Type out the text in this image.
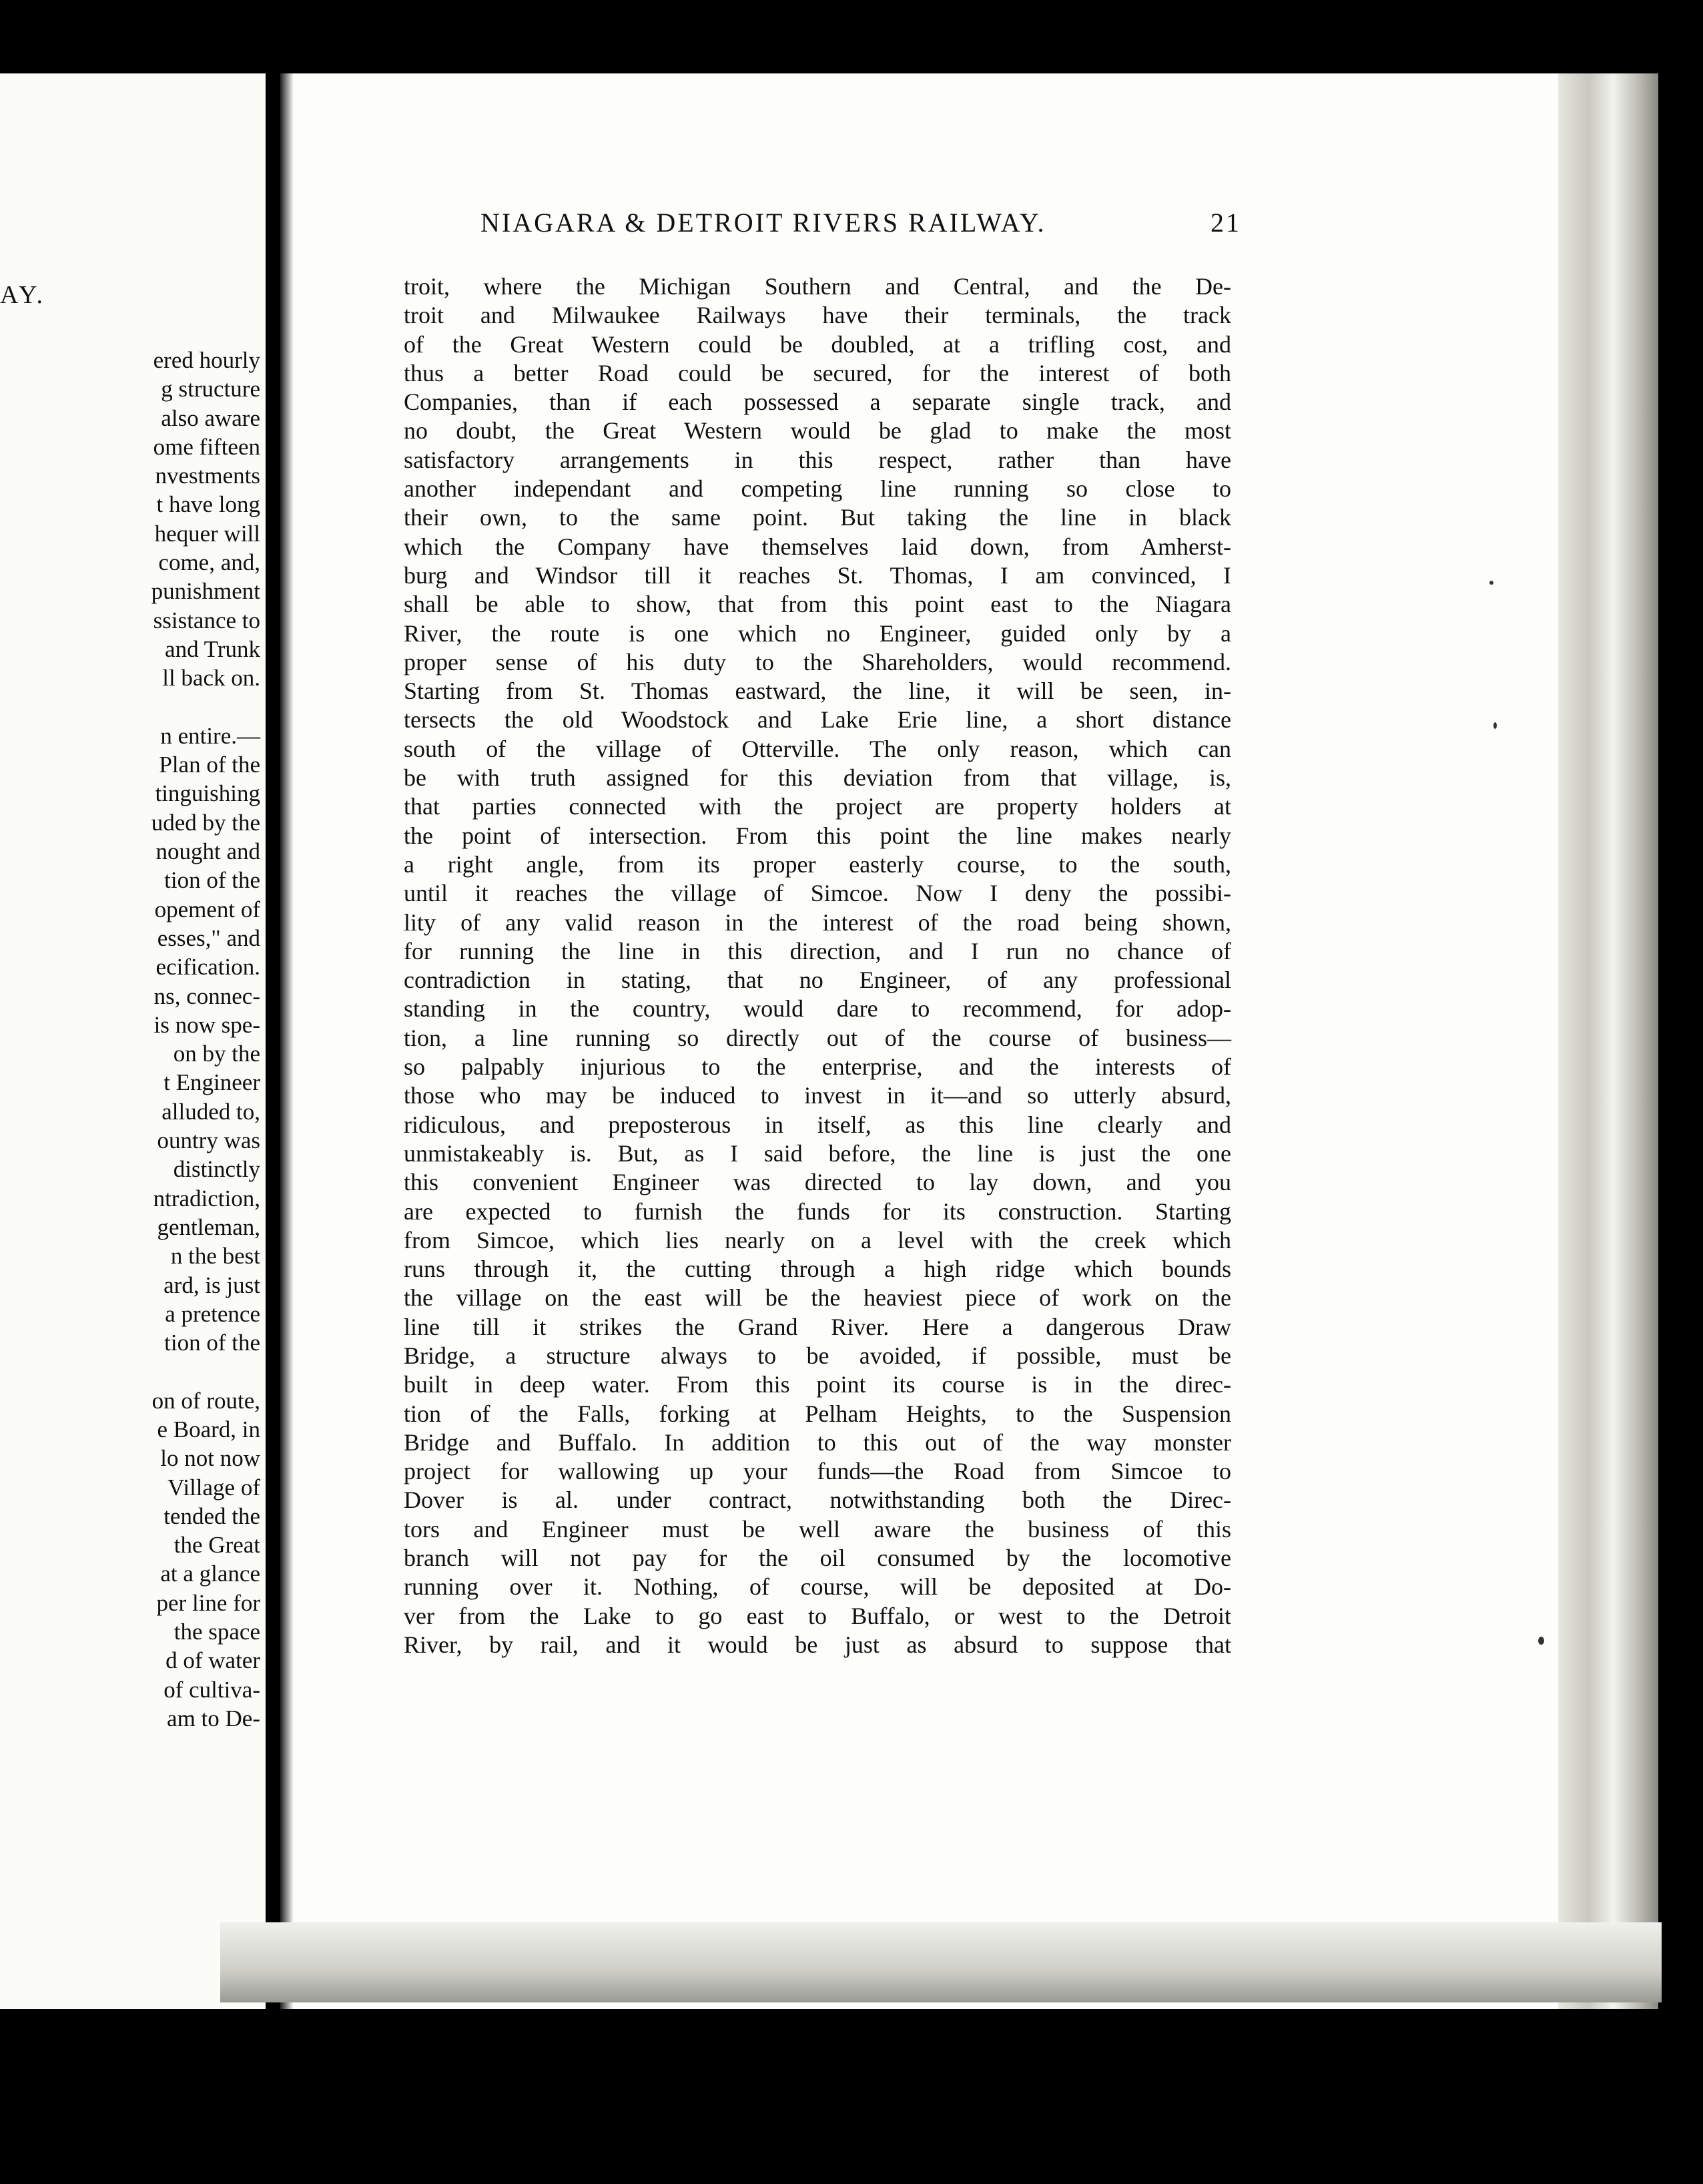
AY.
ered hourly
g structure
also aware
ome fifteen
nvestments
t have long
hequer will
come, and,
punishment
ssistance to
and Trunk
ll back on.
n entire.—
Plan of the
tinguishing
uded by the
nought and
tion of the
opement of
esses," and
ecification.
ns, connec-
is now spe-
on by the
t Engineer
alluded to,
ountry was
distinctly
ntradiction,
gentleman,
n the best
ard, is just
a pretence
tion of the
on of route,
e Board, in
lo not now
Village of
tended the
the Great
at a glance
per line for
the space
d of water
of cultiva-
am to De-
NIAGARA & DETROIT RIVERS RAILWAY.	21
troit, where the Michigan Southern and Central, and the De-
troit and Milwaukee Railways have their terminals, the track
of the Great Western could be doubled, at a trifling cost, and
thus a better Road could be secured, for the interest of both
Companies, than if each possessed a separate single track, and
no doubt, the Great Western would be glad to make the most
satisfactory arrangements in this respect, rather than have
another independant and competing line running so close to
their own, to the same point. But taking the line in black
which the Company have themselves laid down, from Amherst-
burg and Windsor till it reaches St. Thomas, I am convinced, I
shall be able to show, that from this point east to the Niagara
River, the route is one which no Engineer, guided only by a
proper sense of his duty to the Shareholders, would recommend.
Starting from St. Thomas eastward, the line, it will be seen, in-
tersects the old Woodstock and Lake Erie line, a short distance
south of the village of Otterville. The only reason, which can
be with truth assigned for this deviation from that village, is,
that parties connected with the project are property holders at
the point of intersection. From this point the line makes nearly
a right angle, from its proper easterly course, to the south,
until it reaches the village of Simcoe. Now I deny the possibi-
lity of any valid reason in the interest of the road being shown,
for running the line in this direction, and I run no chance of
contradiction in stating, that no Engineer, of any professional
standing in the country, would dare to recommend, for adop-
tion, a line running so directly out of the course of business—
so palpably injurious to the enterprise, and the interests of
those who may be induced to invest in it—and so utterly absurd,
ridiculous, and preposterous in itself, as this line clearly and
unmistakeably is. But, as I said before, the line is just the one
this convenient Engineer was directed to lay down, and you
are expected to furnish the funds for its construction. Starting
from Simcoe, which lies nearly on a level with the creek which
runs through it, the cutting through a high ridge which bounds
the village on the east will be the heaviest piece of work on the
line till it strikes the Grand River. Here a dangerous Draw
Bridge, a structure always to be avoided, if possible, must be
built in deep water. From this point its course is in the direc-
tion of the Falls, forking at Pelham Heights, to the Suspension
Bridge and Buffalo. In addition to this out of the way monster
project for wallowing up your funds—the Road from Simcoe to
Dover is al. under contract, notwithstanding both the Direc-
tors and Engineer must be well aware the business of this
branch will not pay for the oil consumed by the locomotive
running over it. Nothing, of course, will be deposited at Do-
ver from the Lake to go east to Buffalo, or west to the Detroit
River, by rail, and it would be just as absurd to suppose that
